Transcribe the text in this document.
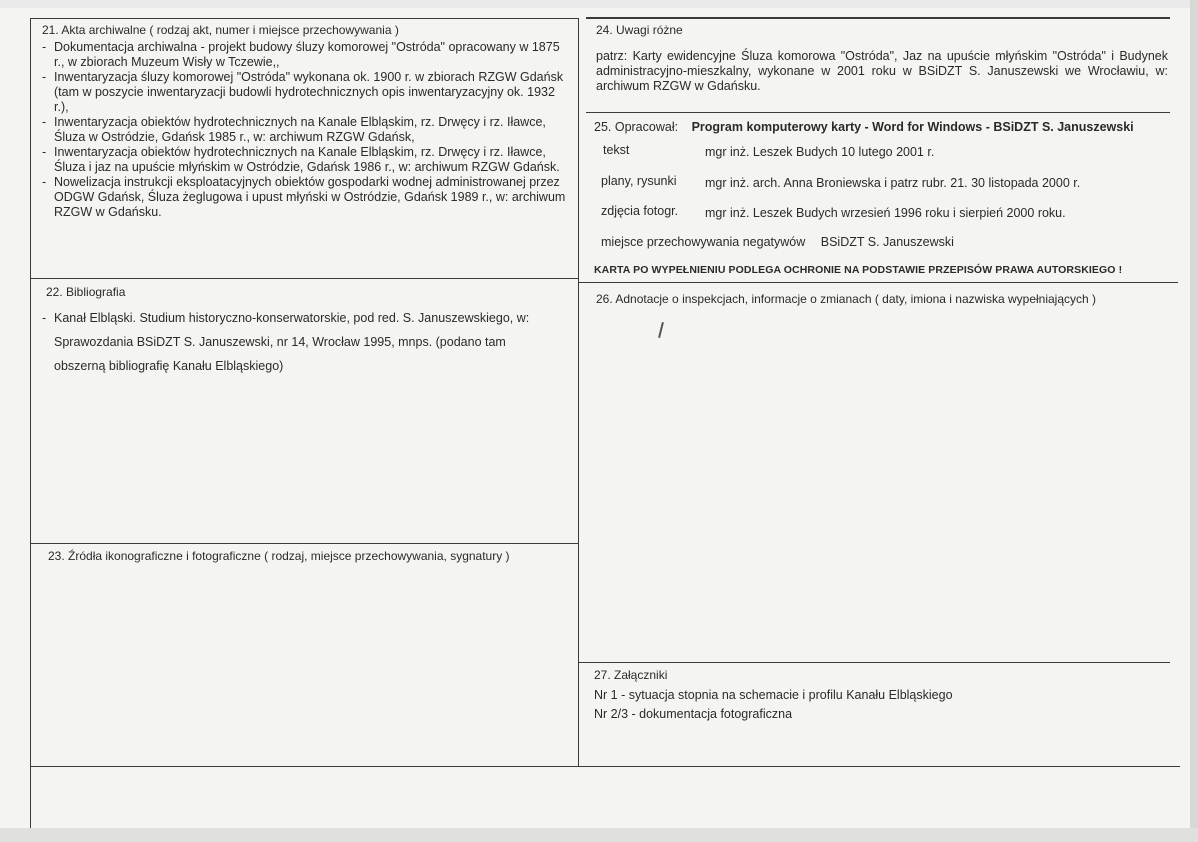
21. Akta archiwalne ( rodzaj akt, numer i miejsce przechowywania )
- Dokumentacja archiwalna - projekt budowy śluzy komorowej "Ostróda" opracowany w 1875 r., w zbiorach Muzeum Wisły w Tczewie,,
- Inwentaryzacja śluzy komorowej "Ostróda" wykonana ok. 1900 r. w zbiorach RZGW Gdańsk (tam w poszycie inwentaryzacji budowli hydrotechnicznych opis inwentaryzacyjny ok. 1932 r.),
- Inwentaryzacja obiektów hydrotechnicznych na Kanale Elbląskim, rz. Drwęcy i rz. Iławce, Śluza w Ostródzie, Gdańsk 1985 r., w: archiwum RZGW Gdańsk,
- Inwentaryzacja obiektów hydrotechnicznych na Kanale Elbląskim, rz. Drwęcy i rz. Iławce, Śluza i jaz na upuście młyńskim w Ostródzie, Gdańsk 1986 r., w: archiwum RZGW Gdańsk.
- Nowelizacja instrukcji eksploatacyjnych obiektów gospodarki wodnej administrowanej przez ODGW Gdańsk, Śluza żeglugowa i upust młyński w Ostródzie, Gdańsk 1989 r., w: archiwum RZGW w Gdańsku.
22. Bibliografia
- Kanał Elbląski. Studium historyczno-konserwatorskie, pod red. S. Januszewskiego, w: Sprawozdania BSiDZT S. Januszewski, nr 14, Wrocław 1995, mnps. (podano tam obszerną bibliografię Kanału Elbląskiego)
23. Źródła ikonograficzne i fotograficzne ( rodzaj, miejsce przechowywania, sygnatury )
24. Uwagi różne
patrz: Karty ewidencyjne Śluza komorowa "Ostróda", Jaz na upuście młyńskim "Ostróda" i Budynek administracyjno-mieszkalny, wykonane w 2001 roku w BSiDZT S. Januszewski we Wrocławiu, w: archiwum RZGW w Gdańsku.
25. Opracował: Program komputerowy karty - Word for Windows - BSiDZT S. Januszewski
tekst	mgr inż. Leszek Budych 10 lutego 2001 r.
plany, rysunki mgr inż. arch. Anna Broniewska i patrz rubr. 21. 30 listopada 2000 r.
zdjęcia fotogr. mgr inż. Leszek Budych wrzesień 1996 roku i sierpień 2000 roku.
miejsce przechowywania negatywów BSiDZT S. Januszewski
KARTA PO WYPEŁNIENIU PODLEGA OCHRONIE NA PODSTAWIE PRZEPISÓW PRAWA AUTORSKIEGO !
26. Adnotacje o inspekcjach, informacje o zmianach ( daty, imiona i nazwiska wypełniających )
27. Załączniki
Nr 1 - sytuacja stopnia na schemacie i profilu Kanału Elbląskiego
Nr 2/3 - dokumentacja fotograficzna
